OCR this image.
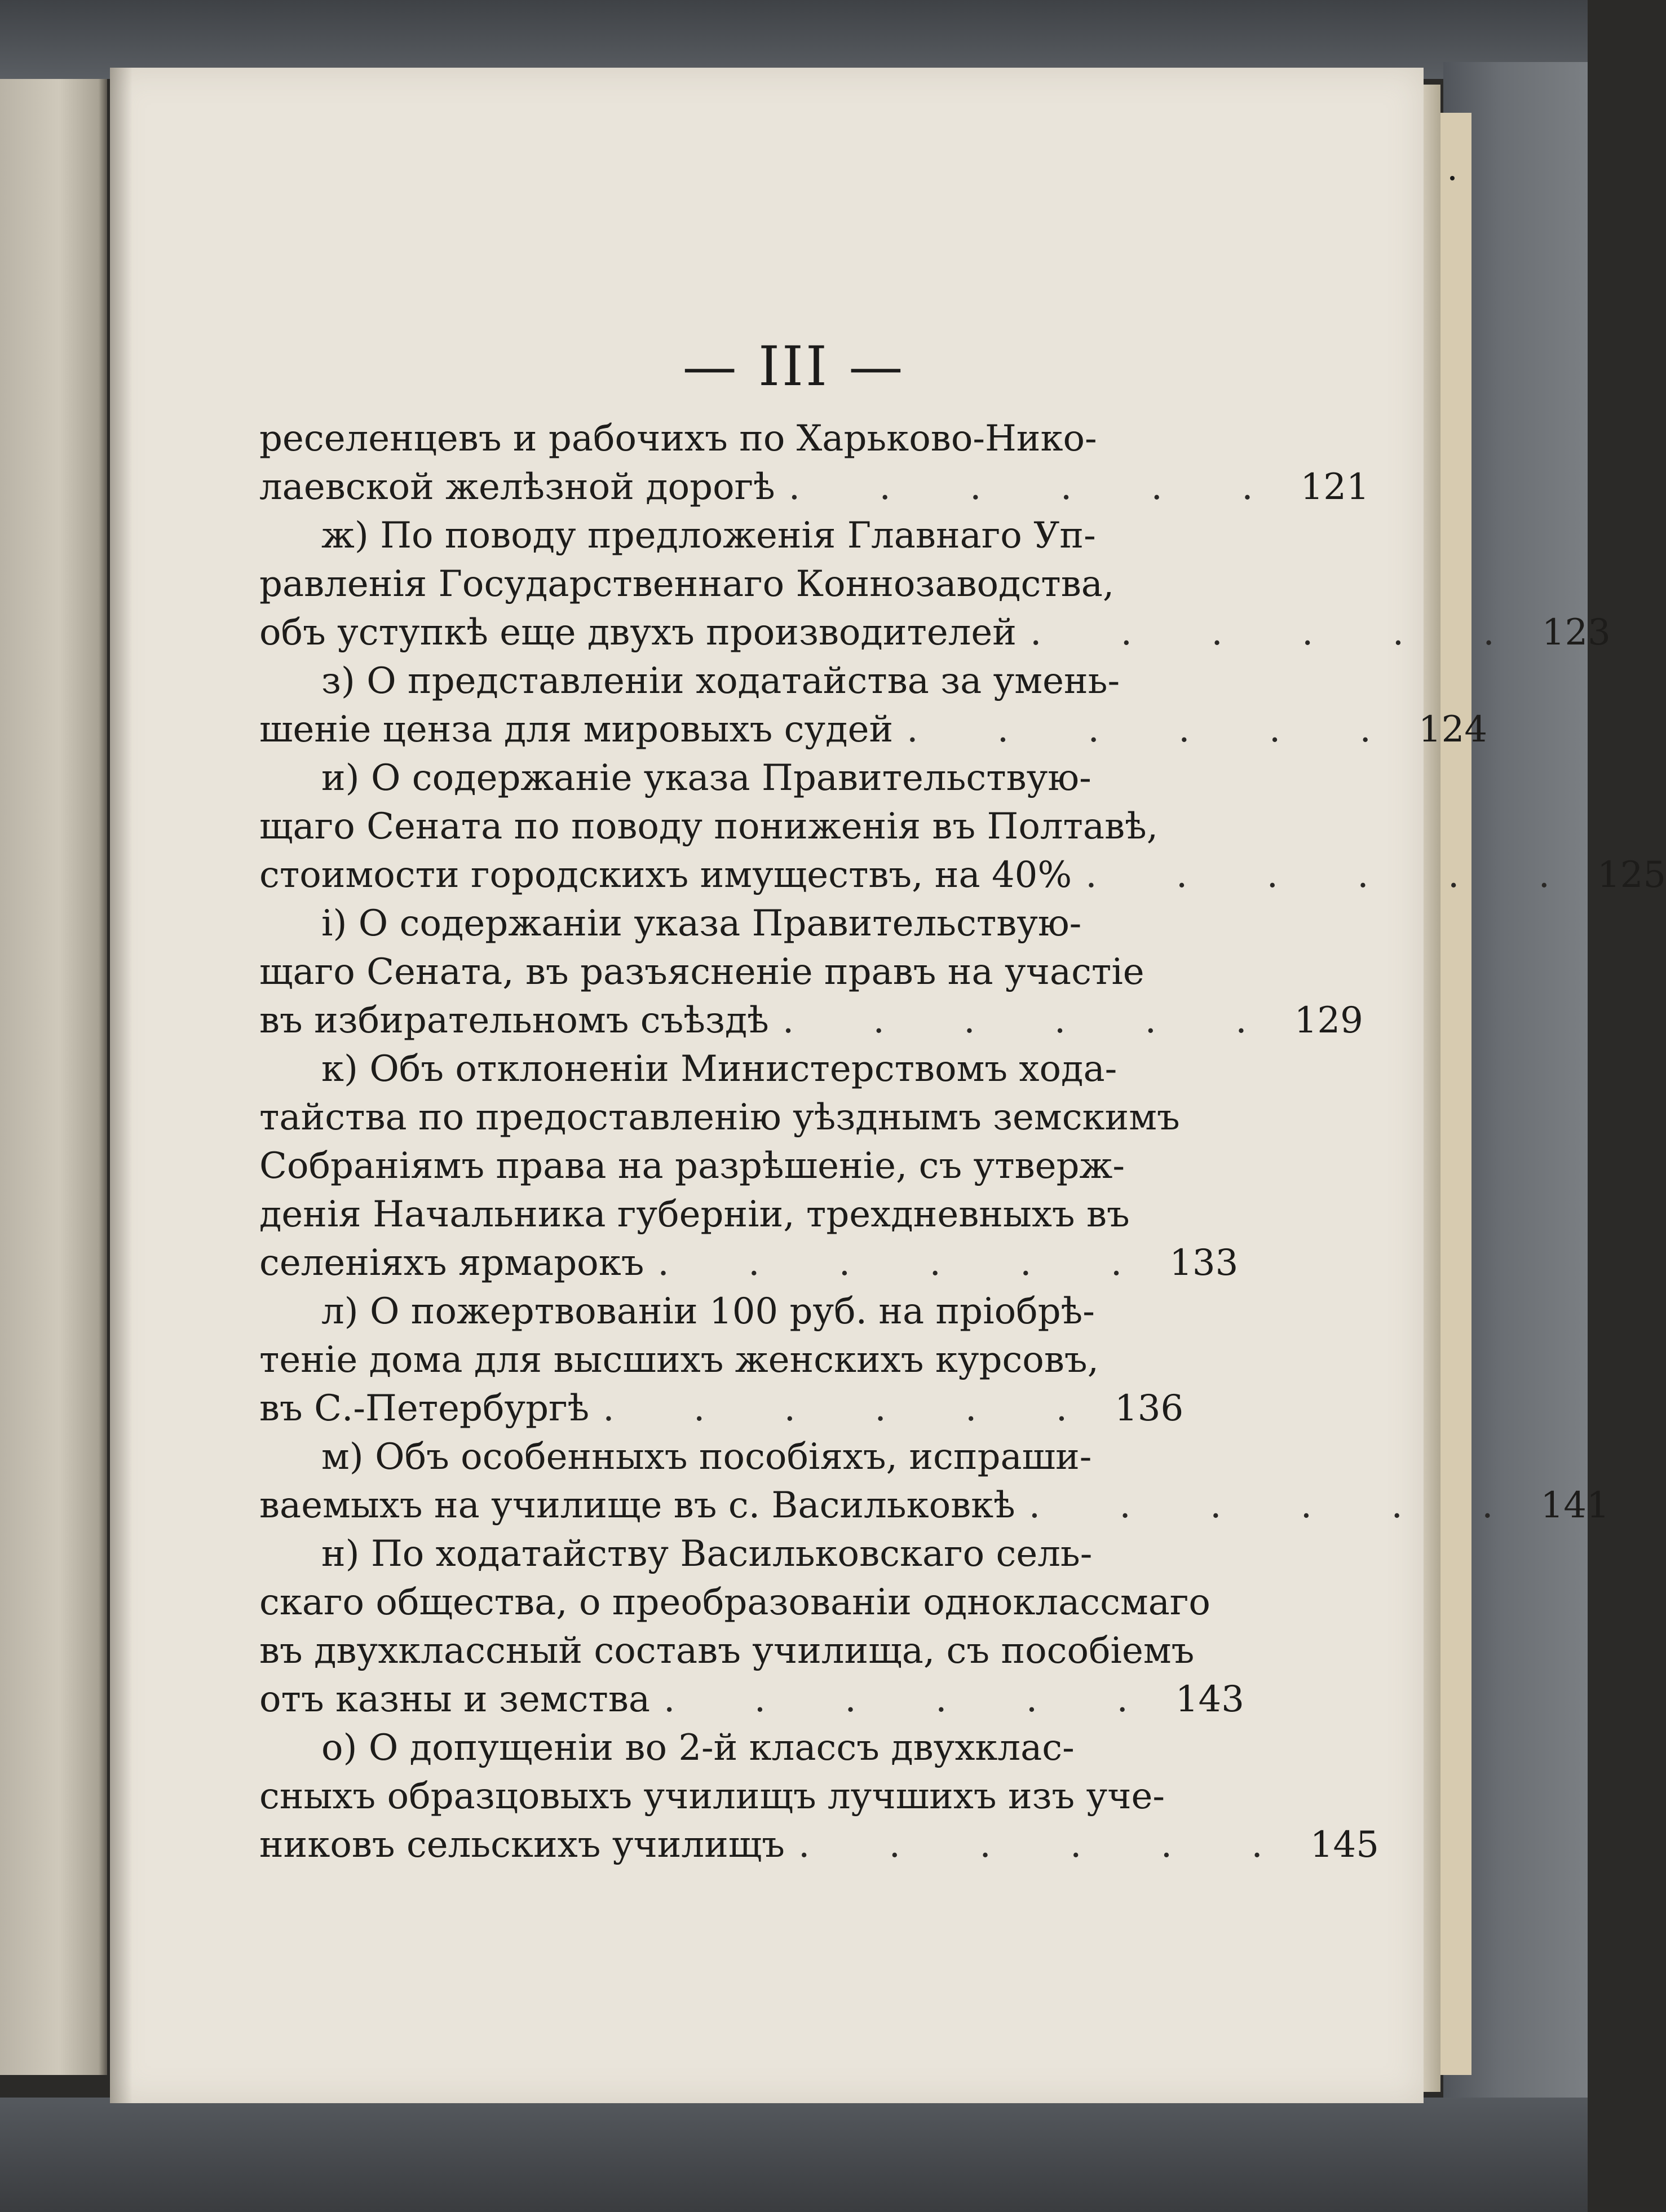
— III —
реселенцевъ и рабочихъ по Харьково-Нико-
лаевской желѣзной дорогѣ . . . . . . 121
ж) По поводу предложенія Главнаго Уп-
равленія Государственнаго Коннозаводства,
объ уступкѣ еще двухъ производителей . . . . . . 123
з) О представленіи ходатайства за умень-
шеніе ценза для мировыхъ судей . . . . . . 124
и) О содержаніе указа Правительствую-
щаго Сената по поводу пониженія въ Полтавѣ,
стоимости городскихъ имуществъ, на 40% . . . . . . 125
і) О содержаніи указа Правительствую-
щаго Сената, въ разъясненіе правъ на участіе
въ избирательномъ съѣздѣ . . . . . . 129
к) Объ отклоненіи Министерствомъ хода-
тайства по предоставленію уѣзднымъ земскимъ
Собраніямъ права на разрѣшеніе, съ утверж-
денія Начальника губерніи, трехдневныхъ въ
селеніяхъ ярмарокъ . . . . . . 133
л) О пожертвованіи 100 руб. на пріобрѣ-
теніе дома для высшихъ женскихъ курсовъ,
въ С.-Петербургѣ . . . . . . 136
м) Объ особенныхъ пособіяхъ, испраши-
ваемыхъ на училище въ с. Васильковкѣ . . . . . . 141
н) По ходатайству Васильковскаго сель-
скаго общества, о преобразованіи одноклассмаго
въ двухклассный составъ училища, съ пособіемъ
отъ казны и земства . . . . . . 143
о) О допущеніи во 2-й классъ двухклас-
сныхъ образцовыхъ училищъ лучшихъ изъ уче-
никовъ сельскихъ училищъ . . . . . . 145
